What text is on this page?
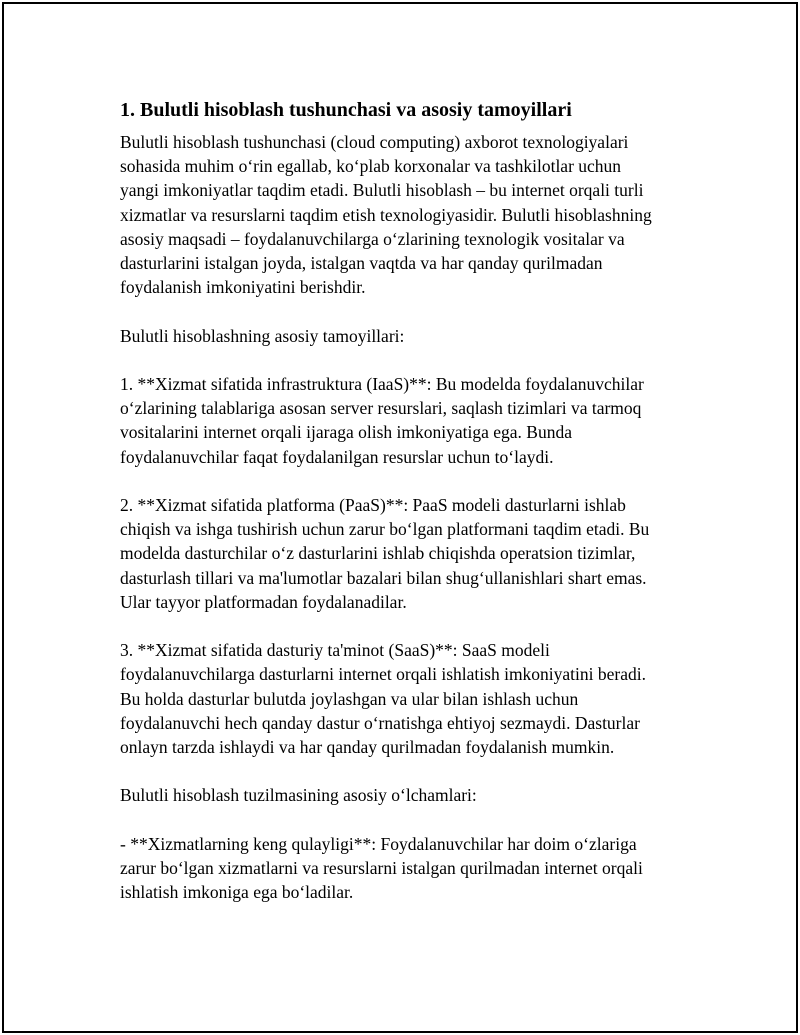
1. Bulutli hisoblash tushunchasi va asosiy tamoyillari

Bulutli hisoblash tushunchasi (cloud computing) axborot texnologiyalari
sohasida muhim oʻrin egallab, koʻplab korxonalar va tashkilotlar uchun
yangi imkoniyatlar taqdim etadi. Bulutli hisoblash – bu internet orqali turli
xizmatlar va resurslarni taqdim etish texnologiyasidir. Bulutli hisoblashning
asosiy maqsadi – foydalanuvchilarga oʻzlarining texnologik vositalar va
dasturlarini istalgan joyda, istalgan vaqtda va har qanday qurilmadan
foydalanish imkoniyatini berishdir.

Bulutli hisoblashning asosiy tamoyillari:

1. **Xizmat sifatida infrastruktura (IaaS)**: Bu modelda foydalanuvchilar
oʻzlarining talablariga asosan server resurslari, saqlash tizimlari va tarmoq
vositalarini internet orqali ijaraga olish imkoniyatiga ega. Bunda
foydalanuvchilar faqat foydalanilgan resurslar uchun toʻlaydi.

2. **Xizmat sifatida platforma (PaaS)**: PaaS modeli dasturlarni ishlab
chiqish va ishga tushirish uchun zarur boʻlgan platformani taqdim etadi. Bu
modelda dasturchilar oʻz dasturlarini ishlab chiqishda operatsion tizimlar,
dasturlash tillari va ma'lumotlar bazalari bilan shugʻullanishlari shart emas.
Ular tayyor platformadan foydalanadilar.

3. **Xizmat sifatida dasturiy ta'minot (SaaS)**: SaaS modeli
foydalanuvchilarga dasturlarni internet orqali ishlatish imkoniyatini beradi.
Bu holda dasturlar bulutda joylashgan va ular bilan ishlash uchun
foydalanuvchi hech qanday dastur oʻrnatishga ehtiyoj sezmaydi. Dasturlar
onlayn tarzda ishlaydi va har qanday qurilmadan foydalanish mumkin.

Bulutli hisoblash tuzilmasining asosiy oʻlchamlari:

- **Xizmatlarning keng qulayligi**: Foydalanuvchilar har doim oʻzlariga
zarur boʻlgan xizmatlarni va resurslarni istalgan qurilmadan internet orqali
ishlatish imkoniga ega boʻladilar.
